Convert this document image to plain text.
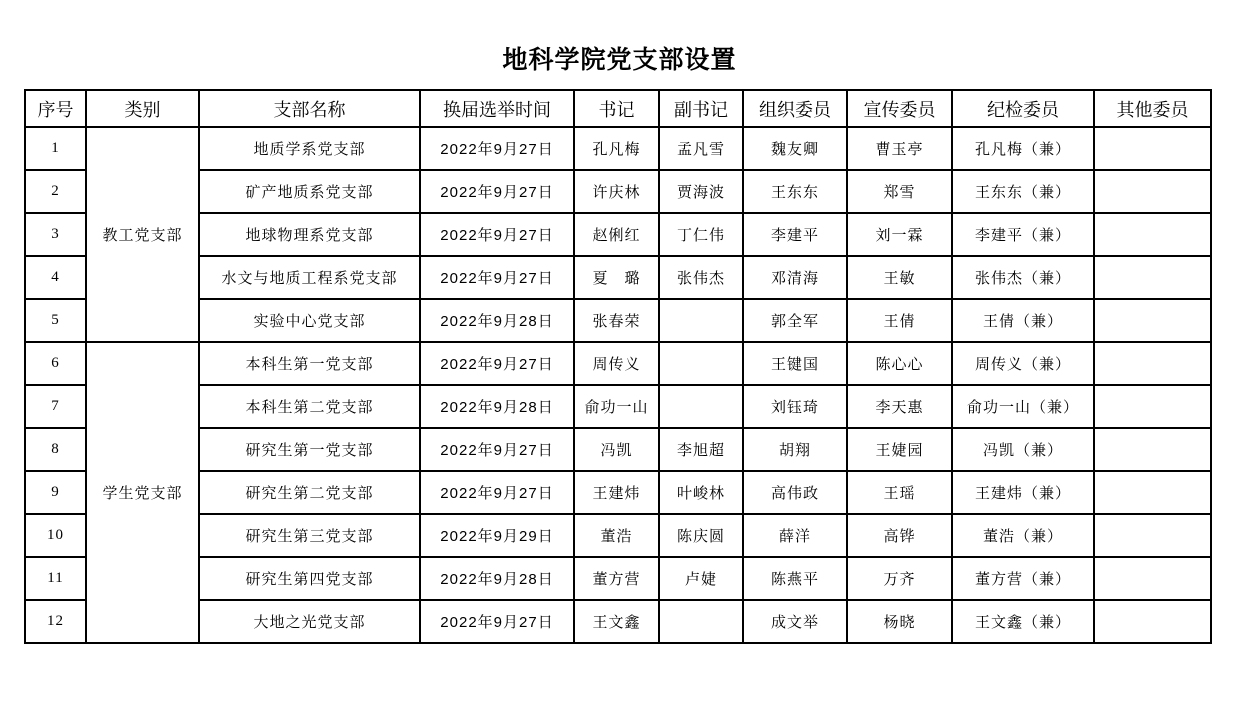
地科学院党支部设置
序号	类别	支部名称	换届选举时间	书记	副书记	组织委员	宣传委员	纪检委员	其他委员
1	教工党支部	地质学系党支部	2022年9月27日	孔凡梅	孟凡雪	魏友卿	曹玉亭	孔凡梅（兼）	
2		矿产地质系党支部	2022年9月27日	许庆林	贾海波	王东东	郑雪	王东东（兼）	
3		地球物理系党支部	2022年9月27日	赵俐红	丁仁伟	李建平	刘一霖	李建平（兼）	
4		水文与地质工程系党支部	2022年9月27日	夏　璐	张伟杰	邓清海	王敏	张伟杰（兼）	
5		实验中心党支部	2022年9月28日	张春荣		郭全军	王倩	王倩（兼）	
6	学生党支部	本科生第一党支部	2022年9月27日	周传义		王键国	陈心心	周传义（兼）	
7		本科生第二党支部	2022年9月28日	俞功一山		刘钰琦	李天惠	俞功一山（兼）	
8		研究生第一党支部	2022年9月27日	冯凯	李旭超	胡翔	王婕园	冯凯（兼）	
9		研究生第二党支部	2022年9月27日	王建炜	叶峻林	高伟政	王瑶	王建炜（兼）	
10		研究生第三党支部	2022年9月29日	董浩	陈庆圆	薛洋	高铧	董浩（兼）	
11		研究生第四党支部	2022年9月28日	董方营	卢婕	陈燕平	万齐	董方营（兼）	
12		大地之光党支部	2022年9月27日	王文鑫		成文举	杨晓	王文鑫（兼）	
